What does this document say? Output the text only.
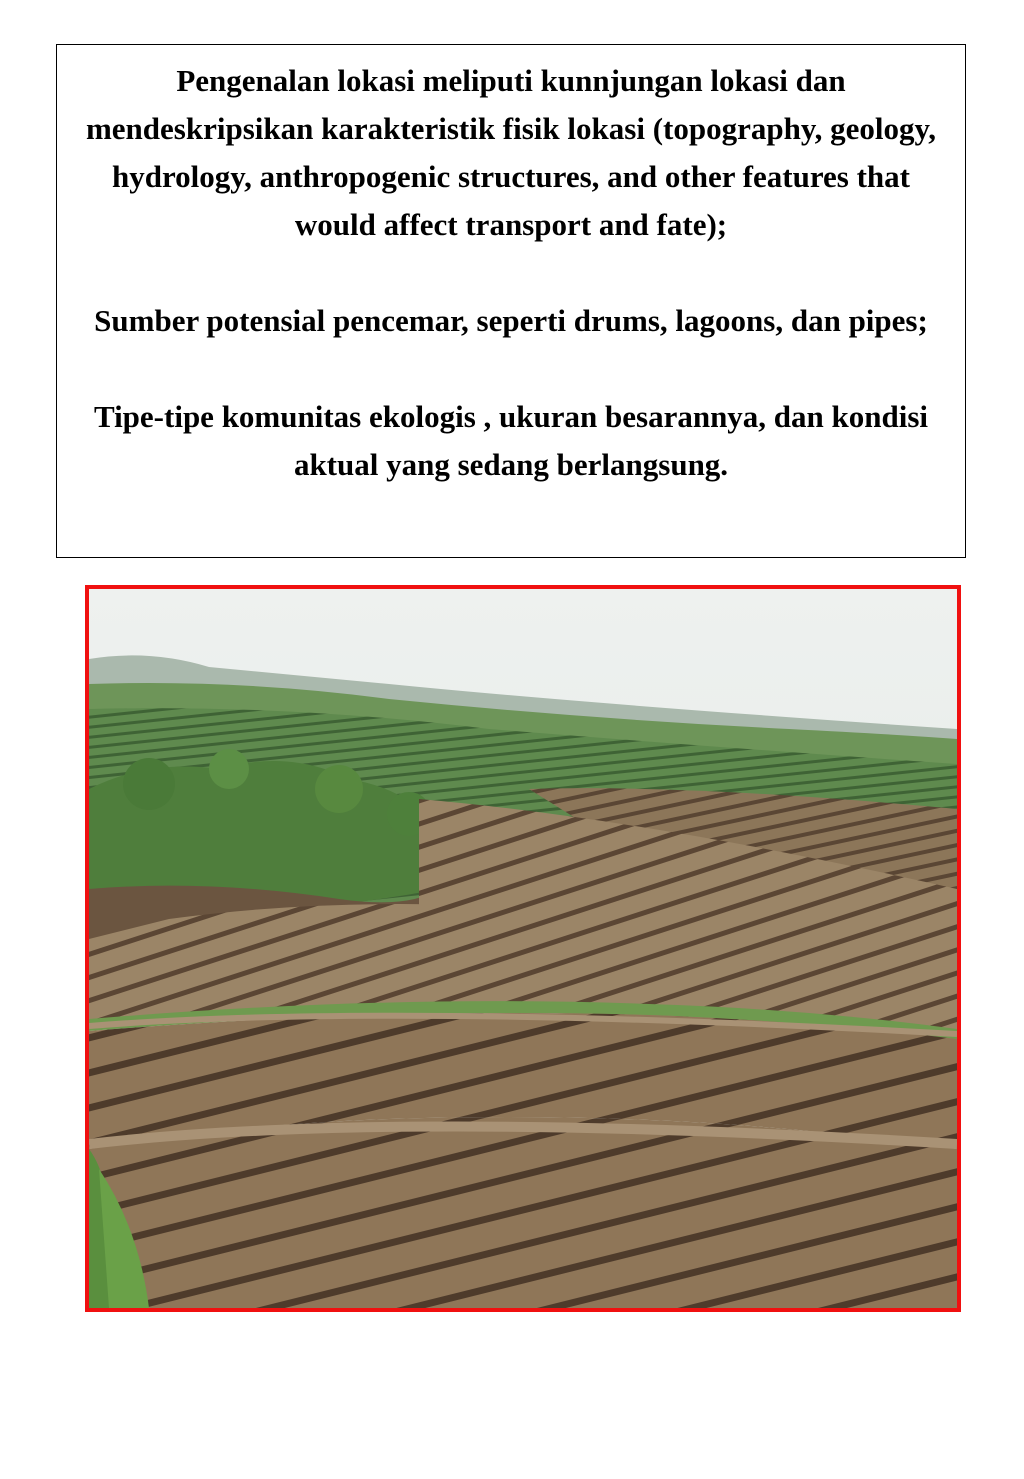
Pengenalan lokasi meliputi kunnjungan lokasi dan mendeskripsikan karakteristik fisik lokasi (topography, geology, hydrology, anthropogenic structures, and other features that would affect transport and fate);

Sumber potensial pencemar, seperti drums, lagoons, dan pipes;

Tipe-tipe komunitas ekologis , ukuran besarannya, dan kondisi aktual yang sedang berlangsung.
